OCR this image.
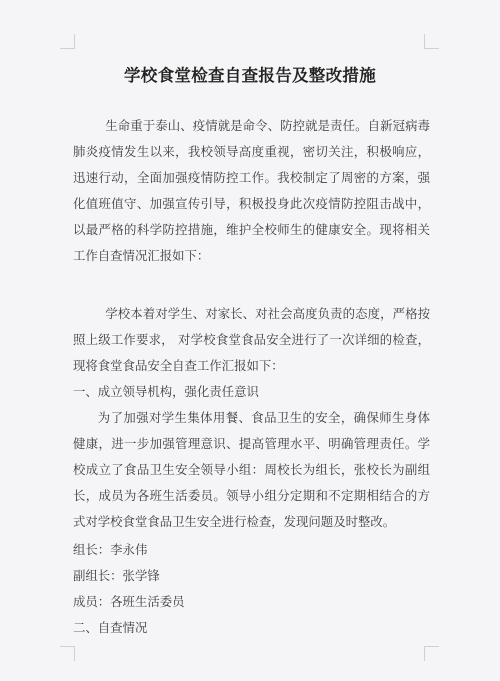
学校食堂检查自查报告及整改措施

生命重于泰山、疫情就是命令、防控就是责任。自新冠病毒肺炎疫情发生以来，我校领导高度重视，密切关注，积极响应，迅速行动，全面加强疫情防控工作。我校制定了周密的方案，强化值班值守、加强宣传引导，积极投身此次疫情防控阻击战中，以最严格的科学防控措施，维护全校师生的健康安全。现将相关工作自查情况汇报如下：

学校本着对学生、对家长、对社会高度负责的态度，严格按照上级工作要求， 对学校食堂食品安全进行了一次详细的检查，现将食堂食品安全自查工作汇报如下：

一、成立领导机构，强化责任意识

为了加强对学生集体用餐、食品卫生的安全，确保师生身体健康，进一步加强管理意识、提高管理水平、明确管理责任。学校成立了食品卫生安全领导小组：周校长为组长，张校长为副组长，成员为各班生活委员。领导小组分定期和不定期相结合的方式对学校食堂食品卫生安全进行检查，发现问题及时整改。

组长：李永伟

副组长：张学锋

成员：各班生活委员

二、自查情况
